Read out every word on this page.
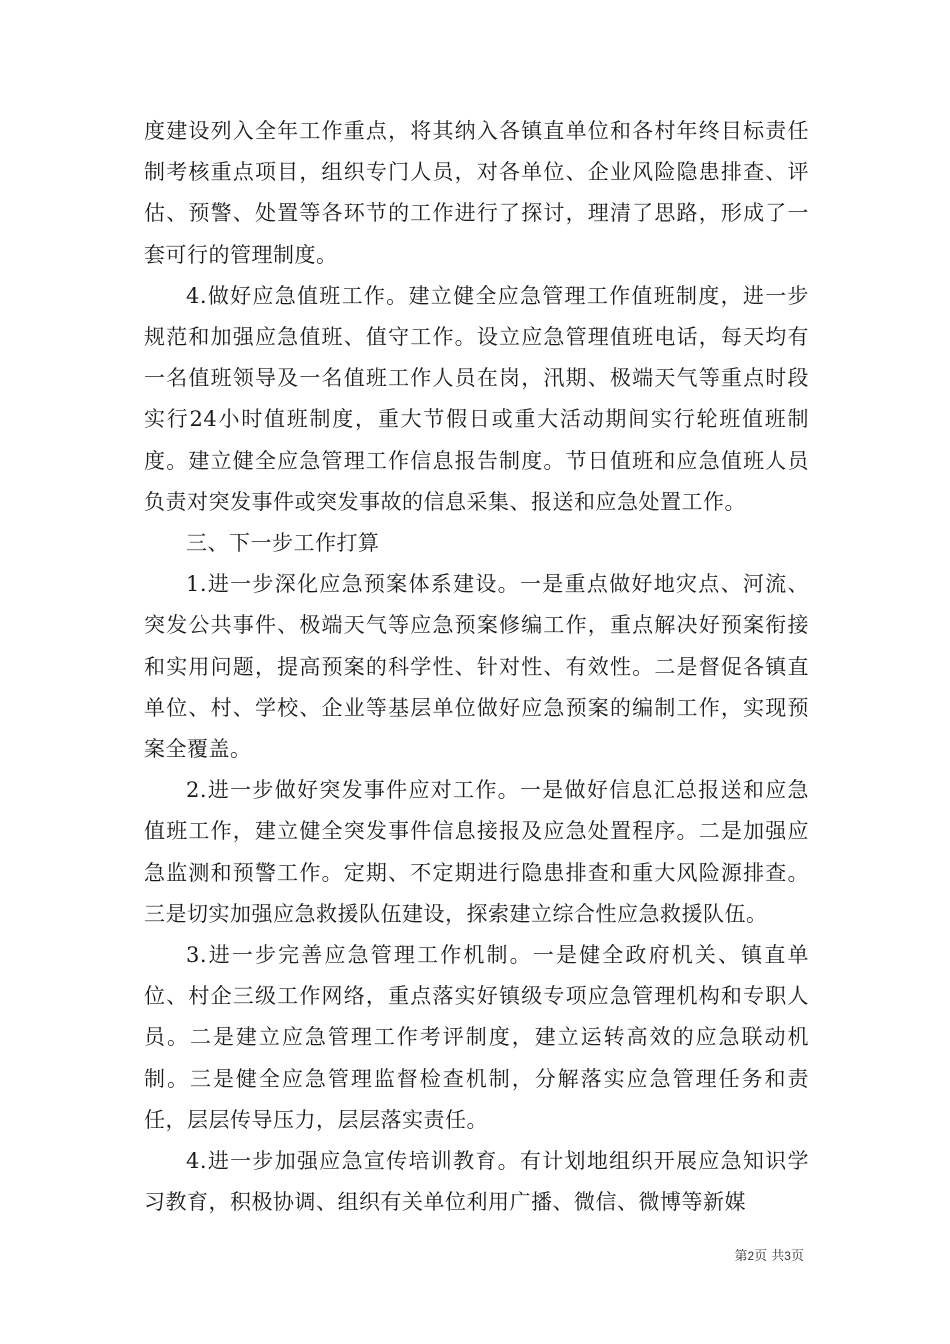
度建设列入全年工作重点，将其纳入各镇直单位和各村年终目标责任制考核重点项目，组织专门人员，对各单位、企业风险隐患排查、评估、预警、处置等各环节的工作进行了探讨，理清了思路，形成了一套可行的管理制度。

4.做好应急值班工作。建立健全应急管理工作值班制度，进一步规范和加强应急值班、值守工作。设立应急管理值班电话，每天均有一名值班领导及一名值班工作人员在岗，汛期、极端天气等重点时段实行24小时值班制度，重大节假日或重大活动期间实行轮班值班制度。建立健全应急管理工作信息报告制度。节日值班和应急值班人员负责对突发事件或突发事故的信息采集、报送和应急处置工作。

三、下一步工作打算

1.进一步深化应急预案体系建设。一是重点做好地灾点、河流、突发公共事件、极端天气等应急预案修编工作，重点解决好预案衔接和实用问题，提高预案的科学性、针对性、有效性。二是督促各镇直单位、村、学校、企业等基层单位做好应急预案的编制工作，实现预案全覆盖。

2.进一步做好突发事件应对工作。一是做好信息汇总报送和应急值班工作，建立健全突发事件信息接报及应急处置程序。二是加强应急监测和预警工作。定期、不定期进行隐患排查和重大风险源排查。三是切实加强应急救援队伍建设，探索建立综合性应急救援队伍。

3.进一步完善应急管理工作机制。一是健全政府机关、镇直单位、村企三级工作网络，重点落实好镇级专项应急管理机构和专职人员。二是建立应急管理工作考评制度，建立运转高效的应急联动机制。三是健全应急管理监督检查机制，分解落实应急管理任务和责任，层层传导压力，层层落实责任。

4.进一步加强应急宣传培训教育。有计划地组织开展应急知识学习教育，积极协调、组织有关单位利用广播、微信、微博等新媒

第2页 共3页
